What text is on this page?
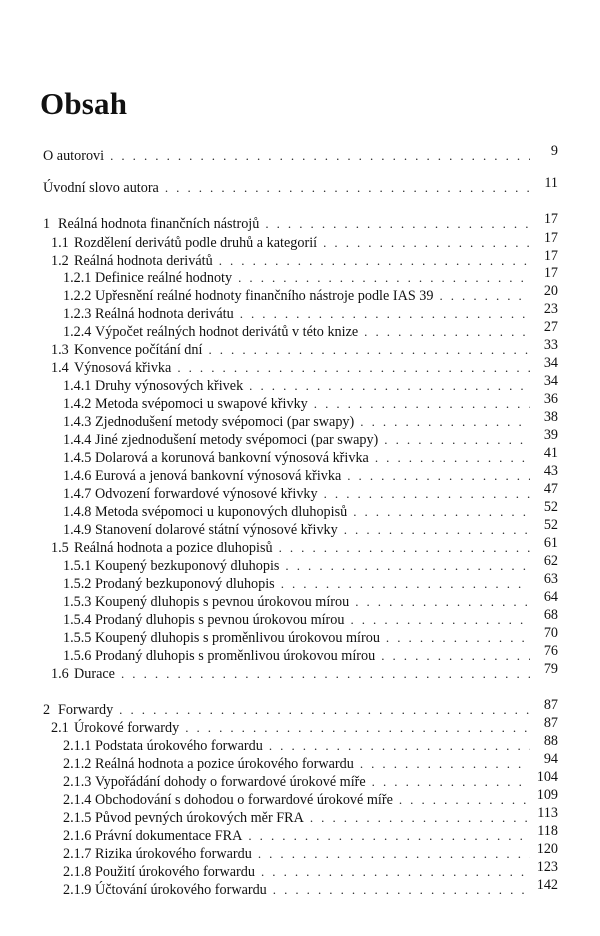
Obsah
O autorovi . . .	9
Úvodní slovo autora . . .	11
1 Reálná hodnota finančních nástrojů . . .	17
1.1 Rozdělení derivátů podle druhů a kategorií . . .	17
1.2 Reálná hodnota derivátů . . .	17
1.2.1 Definice reálné hodnoty . . .	17
1.2.2 Upřesnění reálné hodnoty finančního nástroje podle IAS 39 . . .	20
1.2.3 Reálná hodnota derivátu . . .	23
1.2.4 Výpočet reálných hodnot derivátů v této knize . . .	27
1.3 Konvence počítání dní . . .	33
1.4 Výnosová křivka . . .	34
1.4.1 Druhy výnosových křivek . . .	34
1.4.2 Metoda svépomoci u swapové křivky . . .	36
1.4.3 Zjednodušení metody svépomoci (par swapy) . . .	38
1.4.4 Jiné zjednodušení metody svépomoci (par swapy) . . .	39
1.4.5 Dolarová a korunová bankovní výnosová křivka . . .	41
1.4.6 Eurová a jenová bankovní výnosová křivka . . .	43
1.4.7 Odvození forwardové výnosové křivky . . .	47
1.4.8 Metoda svépomoci u kuponových dluhopisů . . .	52
1.4.9 Stanovení dolarové státní výnosové křivky . . .	52
1.5 Reálná hodnota a pozice dluhopisů . . .	61
1.5.1 Koupený bezkuponový dluhopis . . .	62
1.5.2 Prodaný bezkuponový dluhopis . . .	63
1.5.3 Koupený dluhopis s pevnou úrokovou mírou . . .	64
1.5.4 Prodaný dluhopis s pevnou úrokovou mírou . . .	68
1.5.5 Koupený dluhopis s proměnlivou úrokovou mírou . . .	70
1.5.6 Prodaný dluhopis s proměnlivou úrokovou mírou . . .	76
1.6 Durace . . .	79
2 Forwardy . . .	87
2.1 Úrokové forwardy . . .	87
2.1.1 Podstata úrokového forwardu . . .	88
2.1.2 Reálná hodnota a pozice úrokového forwardu . . .	94
2.1.3 Vypořádání dohody o forwardové úrokové míře . . .	104
2.1.4 Obchodování s dohodou o forwardové úrokové míře . . .	109
2.1.5 Původ pevných úrokových měr FRA . . .	113
2.1.6 Právní dokumentace FRA . . .	118
2.1.7 Rizika úrokového forwardu . . .	120
2.1.8 Použití úrokového forwardu . . .	123
2.1.9 Účtování úrokového forwardu . . .	142
